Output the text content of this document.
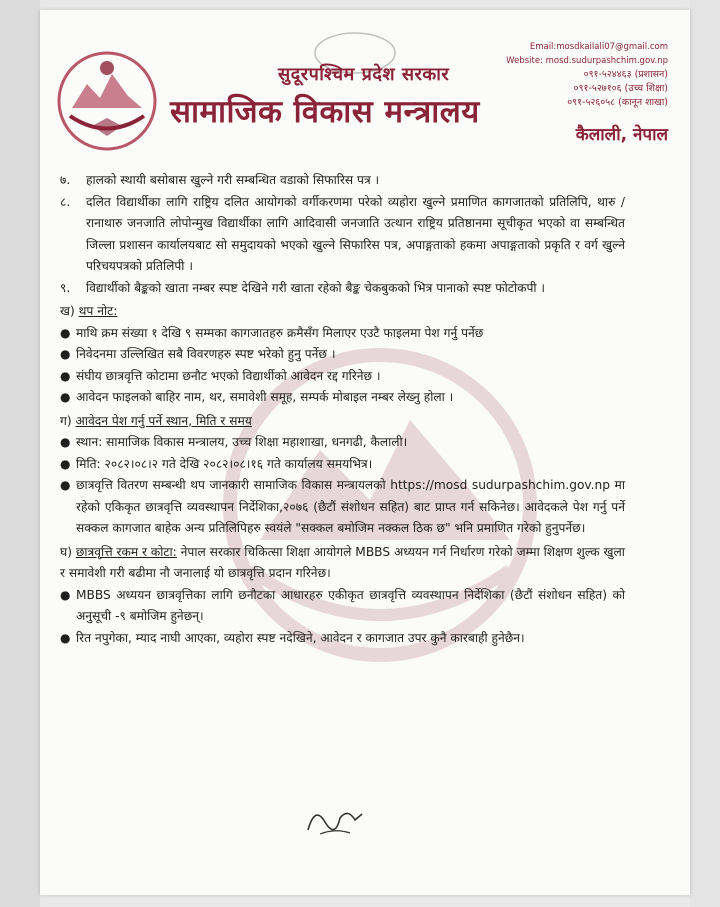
सुदूरपश्चिम प्रदेश सरकार
सामाजिक विकास मन्त्रालय
Email:mosdkailali07@gmail.com
Website: mosd.sudurpashchim.gov.np
०९१-५२४४६३ (प्रशासन)
०९१-५२७१०६ (उच्च शिक्षा)
०९१-५२६०५८ (कानून शाखा)
कैलाली, नेपाल
७.	हालको स्थायी बसोबास खुल्ने गरी सम्बन्धित वडाको सिफारिस पत्र ।
८.	दलित विद्यार्थीका लागि राष्ट्रिय दलित आयोगको वर्गीकरणमा परेको व्यहोरा खुल्ने प्रमाणित कागजातको प्रतिलिपि, थारु / रानाथारु जनजाति लोपोन्मुख विद्यार्थीका लागि आदिवासी जनजाति उत्थान राष्ट्रिय प्रतिष्ठानमा सूचीकृत भएको वा सम्बन्धित जिल्ला प्रशासन कार्यालयबाट सो समुदायको भएको खुल्ने सिफारिस पत्र, अपाङ्गताको हकमा अपाङ्गताको प्रकृति र वर्ग खुल्ने परिचयपत्रको प्रतिलिपी ।
९.	विद्यार्थीको बैङ्कको खाता नम्बर स्पष्ट देखिने गरी खाता रहेको बैङ्क चेकबुकको भित्र पानाको स्पष्ट फोटोकपी ।
ख) थप नोट:
● माथि क्रम संख्या १ देखि ९ सम्मका कागजातहरु क्रमैसँग मिलाएर एउटै फाइलमा पेश गर्नु पर्नेछ
● निवेदनमा उल्लिखित सबै विवरणहरु स्पष्ट भरेको हुनु पर्नेछ ।
● संघीय छात्रवृत्ति कोटामा छनौट भएको विद्यार्थीको आवेदन रद्द गरिनेछ ।
● आवेदन फाइलको बाहिर नाम, थर, समावेशी समूह, सम्पर्क मोबाइल नम्बर लेख्नु होला ।
ग) आवेदन पेश गर्नु पर्ने स्थान, मिति र समय
● स्थान: सामाजिक विकास मन्त्रालय, उच्च शिक्षा महाशाखा, धनगढी, कैलाली।
● मिति: २०८२।०८।२ गते देखि २०८२।०८।१६ गते कार्यालय समयभित्र।
● छात्रवृत्ति वितरण सम्बन्धी थप जानकारी सामाजिक विकास मन्त्रायलको https://mosd sudurpashchim.gov.np मा रहेको एकिकृत छात्रवृत्ति व्यवस्थापन निर्देशिका,२०७६ (छैटौं संशोधन सहित) बाट प्राप्त गर्न सकिनेछ। आवेदकले पेश गर्नु पर्ने सक्कल कागजात बाहेक अन्य प्रतिलिपिहरु स्वयंले "सक्कल बमोजिम नक्कल ठिक छ" भनि प्रमाणित गरेको हुनुपर्नेछ।
घ) छात्रवृत्ति रकम र कोटा: नेपाल सरकार चिकित्सा शिक्षा आयोगले MBBS अध्ययन गर्न निर्धारण गरेको जम्मा शिक्षण शुल्क खुला र समावेशी गरी बढीमा नौ जनालाई यो छात्रवृत्ति प्रदान गरिनेछ।
● MBBS अध्ययन छात्रवृत्तिका लागि छनौटका आधारहरु एकीकृत छात्रवृत्ति व्यवस्थापन निर्देशिका (छैटौं संशोधन सहित) को अनुसूची -९ बमोजिम हुनेछन्।
● रित नपुगेका, म्याद नाघी आएका, व्यहोरा स्पष्ट नदेखिने, आवेदन र कागजात उपर कुनै कारबाही हुनेछैन।
